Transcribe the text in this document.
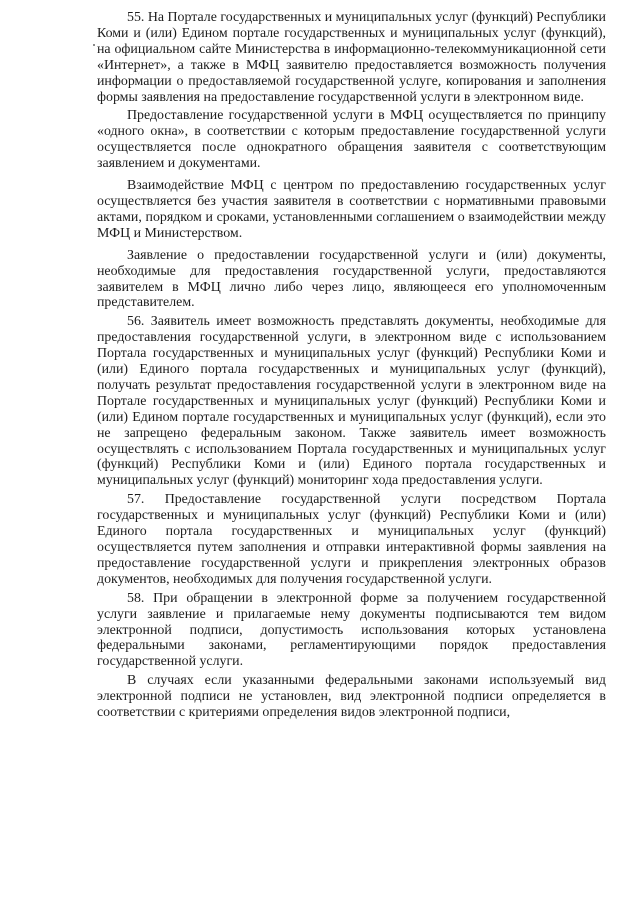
55. На Портале государственных и муниципальных услуг (функций) Республики Коми и (или) Едином портале государственных и муниципальных услуг (функций), на официальном сайте Министерства в информационно-телекоммуникационной сети «Интернет», а также в МФЦ заявителю предоставляется возможность получения информации о предоставляемой государственной услуге, копирования и заполнения формы заявления на предоставление государственной услуги в электронном виде.

Предоставление государственной услуги в МФЦ осуществляется по принципу «одного окна», в соответствии с которым предоставление государственной услуги осуществляется после однократного обращения заявителя с соответствующим заявлением и документами.

Взаимодействие МФЦ с центром по предоставлению государственных услуг осуществляется без участия заявителя в соответствии с нормативными правовыми актами, порядком и сроками, установленными соглашением о взаимодействии между МФЦ и Министерством.

Заявление о предоставлении государственной услуги и (или) документы, необходимые для предоставления государственной услуги, предоставляются заявителем в МФЦ лично либо через лицо, являющееся его уполномоченным представителем.

56. Заявитель имеет возможность представлять документы, необходимые для предоставления государственной услуги, в электронном виде с использованием Портала государственных и муниципальных услуг (функций) Республики Коми и (или) Единого портала государственных и муниципальных услуг (функций), получать результат предоставления государственной услуги в электронном виде на Портале государственных и муниципальных услуг (функций) Республики Коми и (или) Едином портале государственных и муниципальных услуг (функций), если это не запрещено федеральным законом. Также заявитель имеет возможность осуществлять с использованием Портала государственных и муниципальных услуг (функций) Республики Коми и (или) Единого портала государственных и муниципальных услуг (функций) мониторинг хода предоставления услуги.

57. Предоставление государственной услуги посредством Портала государственных и муниципальных услуг (функций) Республики Коми и (или) Единого портала государственных и муниципальных услуг (функций) осуществляется путем заполнения и отправки интерактивной формы заявления на предоставление государственной услуги и прикрепления электронных образов документов, необходимых для получения государственной услуги.

58. При обращении в электронной форме за получением государственной услуги заявление и прилагаемые нему документы подписываются тем видом электронной подписи, допустимость использования которых установлена федеральными законами, регламентирующими порядок предоставления государственной услуги.

В случаях если указанными федеральными законами используемый вид электронной подписи не установлен, вид электронной подписи определяется в соответствии с критериями определения видов электронной подписи,
